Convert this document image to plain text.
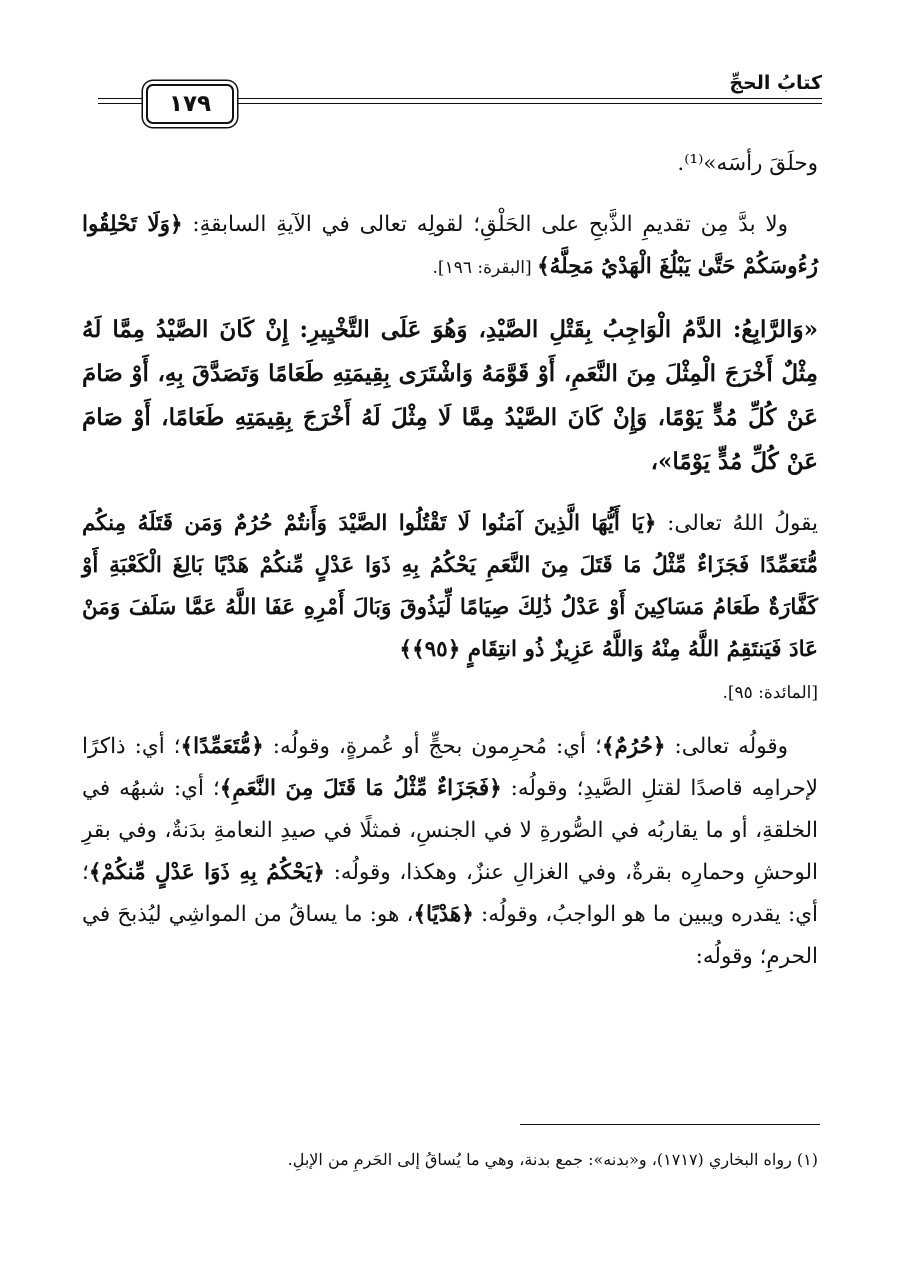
كتابُ الحجِّ
١٧٩

وحلَقَ رأسَه»⁽¹⁾.

ولا بدَّ مِن تقديمِ الذَّبحِ على الحَلْقِ؛ لقولِه تعالى في الآيةِ السابقةِ: ﴿وَلَا تَحْلِقُوا رُءُوسَكُمْ حَتَّىٰ يَبْلُغَ الْهَدْيُ مَحِلَّهُ﴾ [البقرة: ١٩٦].

«وَالرَّابِعُ: الدَّمُ الْوَاجِبُ بِقَتْلِ الصَّيْدِ، وَهُوَ عَلَى التَّخْيِيرِ: إِنْ كَانَ الصَّيْدُ مِمَّا لَهُ مِثْلٌ أَخْرَجَ الْمِثْلَ مِنَ النَّعَمِ، أَوْ قَوَّمَهُ وَاشْتَرَى بِقِيمَتِهِ طَعَامًا وَتَصَدَّقَ بِهِ، أَوْ صَامَ عَنْ كُلِّ مُدٍّ يَوْمًا، وَإِنْ كَانَ الصَّيْدُ مِمَّا لَا مِثْلَ لَهُ أَخْرَجَ بِقِيمَتِهِ طَعَامًا، أَوْ صَامَ عَنْ كُلِّ مُدٍّ يَوْمًا»،

يقولُ اللهُ تعالى: ﴿يَا أَيُّهَا الَّذِينَ آمَنُوا لَا تَقْتُلُوا الصَّيْدَ وَأَنتُمْ حُرُمٌ وَمَن قَتَلَهُ مِنكُم مُّتَعَمِّدًا فَجَزَاءٌ مِّثْلُ مَا قَتَلَ مِنَ النَّعَمِ يَحْكُمُ بِهِ ذَوَا عَدْلٍ مِّنكُمْ هَدْيًا بَالِغَ الْكَعْبَةِ أَوْ كَفَّارَةٌ طَعَامُ مَسَاكِينَ أَوْ عَدْلُ ذَٰلِكَ صِيَامًا لِّيَذُوقَ وَبَالَ أَمْرِهِ عَفَا اللَّهُ عَمَّا سَلَفَ وَمَنْ عَادَ فَيَنتَقِمُ اللَّهُ مِنْهُ وَاللَّهُ عَزِيزٌ ذُو انتِقَامٍ ﴿٩٥﴾﴾
[المائدة: ٩٥].

وقولُه تعالى: ﴿حُرُمٌ﴾؛ أي: مُحرِمون بحجٍّ أو عُمرةٍ، وقولُه: ﴿مُّتَعَمِّدًا﴾؛ أي: ذاكرًا لإحرامِه قاصدًا لقتلِ الصَّيدِ؛ وقولُه: ﴿فَجَزَاءٌ مِّثْلُ مَا قَتَلَ مِنَ النَّعَمِ﴾؛ أي: شبهُه في الخلقةِ، أو ما يقاربُه في الصُّورةِ لا في الجنسِ، فمثلًا في صيدِ النعامةِ بدَنةٌ، وفي بقرِ الوحشِ وحمارِه بقرةٌ، وفي الغزالِ عنزٌ، وهكذا، وقولُه: ﴿يَحْكُمُ بِهِ ذَوَا عَدْلٍ مِّنكُمْ﴾؛ أي: يقدره ويبين ما هو الواجبُ، وقولُه: ﴿هَدْيًا﴾، هو: ما يساقُ من المواشِي ليُذبحَ في الحرمِ؛ وقولُه:

(١) رواه البخاري (١٧١٧)، و«بدنه»: جمع بدنة، وهي ما يُساقُ إلى الحَرمِ من الإبلِ.
